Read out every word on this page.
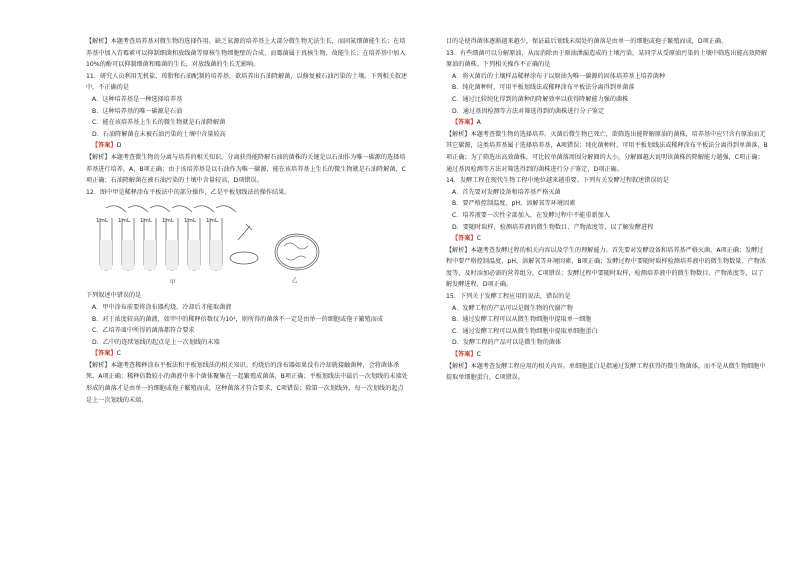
【解析】本题考查培养基对微生物的选择作用。缺乏氮源的培养基上大部分微生物无法生长，而固氮细菌能生长；在培养基中加入青霉素可以抑制细菌和放线菌等原核生物细胞壁的合成，而霉菌属于真核生物，故能生长；在培养基中加入10%的酚可以抑制细菌和霉菌的生长，对放线菌的生长无影响。

11．研究人员利用无机盐、琼脂和石油配制的培养基，欲培养出石油降解菌，以修复被石油污染的土壤。下列相关叙述中，不正确的是

A．这种培养基是一种选择培养基

B．这种培养基的唯一碳源是石油

C．能在该培养基上生长的微生物就是石油降解菌

D．石油降解菌在未被石油污染的土壤中含量较高

【答案】D

【解析】本题考查微生物的分离与培养的相关知识。分离获得能降解石油的菌株的关键是以石油作为唯一碳源的选择培养基进行培养，A、B项正确；由于该培养基是以石油作为唯一碳源，能在该培养基上生长的微生物就是石油降解菌，C项正确；石油降解菌在被石油污染的土壤中含量较高，D项错误。

12．图中甲是稀释涂布平板法中的部分操作，乙是平板划线法的操作结果。

1mL 1mL 1mL 1mL 1mL 1mL
甲	乙

下列叙述中错误的是

A．甲中涂布前要将涂布器灼烧，冷却后才能取菌液

B．对于浓度较高的菌液，如甲中的稀释倍数仅为10²，则所得的菌落不一定是由单一的细胞或孢子繁殖而成

C．乙培养皿中所得的菌落都符合要求

D．乙中的连续划线的起点是上一次划线的末端

【答案】C

【解析】本题考查稀释涂布平板法和平板划线法的相关知识。灼烧后的涂布器如果没有冷却就接触菌种，会将菌体杀死，A项正确；稀释倍数较小的菌液中多个菌体聚集在一起繁殖成菌落，B项正确；平板划线法中最后一次划线的末端处形成的菌落才是由单一的细胞或孢子繁殖而成，这种菌落才符合要求，C项错误；除第一次划线外，每一次划线的起点是上一次划线的末端，

目的是使得菌体逐渐越来越少，保证最后划线末端处的菌落是由单一的细胞或孢子繁殖而成，D项正确。

13．有些细菌可以分解原油，从而消除由于原油泄漏造成的土壤污染，某同学从受原油污染的土壤中筛选出能高效降解原油的菌株。下列相关操作不正确的是

A．将灭菌后的土壤样品稀释涂布于以原油为唯一碳源的固体培养基上培养菌种

B．纯化菌种时，可用平板划线法或稀释涂布平板法分离得到单菌落

C．通过比较纯化得到的菌种的降解效率以获得降解能力强的菌株

D．通过基因检测等方法对筛选得到的菌株进行分子鉴定

【答案】A

【解析】本题考查微生物的选择培养。灭菌后微生物已死亡，欲筛选出能降解原油的菌株，培养基中应只含有原油而无其它碳源，这类培养基属于选择培养基，A项错误；纯化菌种时，可用平板划线法或稀释涂布平板法分离得到单菌落，B项正确；为了筛选出高效菌株，可比较单菌落周围分解圈的大小，分解圈越大说明该菌株的降解能力越强，C项正确；通过基因检测等方法对筛选得到的菌株进行分子鉴定，D项正确。

14．发酵工程在现代生物工程中地位越来越重要。下列有关发酵过程叙述错误的是

A．首先要对发酵设备和培养基严格灭菌

B．要严格控制温度、pH、溶解氧等环境因素

C．培养液要一次性全部加入，在发酵过程中不能重新加入

D．要随时取样，检测培养液的微生物数目、产物浓度等，以了解发酵进程

【答案】C

【解析】本题考查发酵过程的相关内容以及学生的理解能力。首先要对发酵设备和培养基严格灭菌，A项正确；发酵过程中要严格控制温度、pH、溶解氧等环境因素，B项正确；发酵过程中要随时取样检测培养液中的微生物数量、产物浓度等，及时添加必需的营养组分，C项错误；发酵过程中要随时取样，检测培养液中的微生物数目、产物浓度等，以了解发酵进程，D项正确。

15．下列关于发酵工程应用的说法，错误的是

A．发酵工程的产品可以是微生物的代谢产物

B．通过发酵工程可以从微生物细胞中提取单一细胞

C．通过发酵工程可以从微生物细胞中提取单细胞蛋白

D．发酵工程的产品可以是微生物的菌体

【答案】C

【解析】本题考查发酵工程应用的相关内容。单细胞蛋白是指通过发酵工程获得的微生物菌体，而不是从微生物细胞中提取单细胞蛋白，C项错误。
